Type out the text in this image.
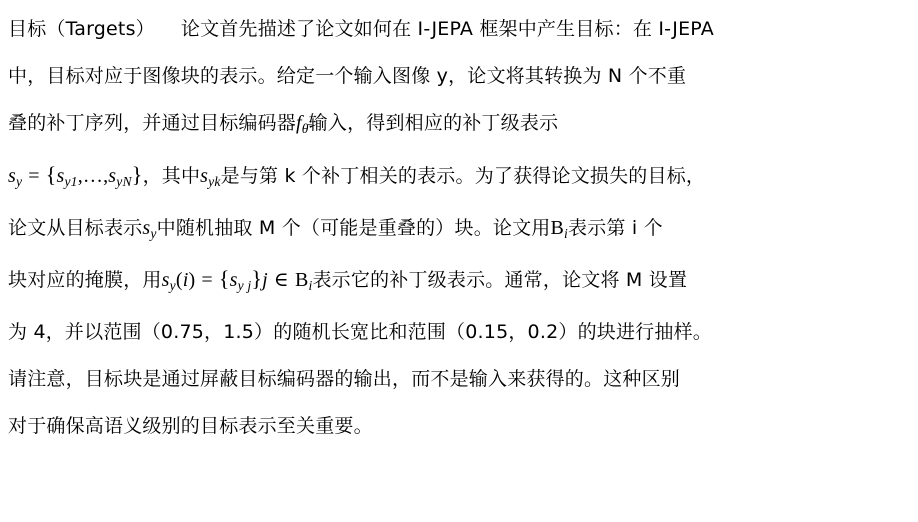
目标（Targets） 论文首先描述了论文如何在 I-JEPA 框架中产生目标：在 I-JEPA
中，目标对应于图像块的表示。给定一个输入图像 y，论文将其转换为 N 个不重
叠的补丁序列，并通过目标编码器$f_{\thetā}$输入，得到相应的补丁级表示
$s_y$ = $\{s_{y1},\dots,s_{yN}\}$，其中$s_{yk}$是与第 k 个补丁相关的表示。为了获得论文损失的目标，
论文从目标表示$s_y$中随机抽取 M 个（可能是重叠的）块。论文用$B_i$表示第 i 个
块对应的掩膜，用$s_y(i) = \{s_{y j}\}j$ ∈ $B_i$表示它的补丁级表示。通常，论文将 M 设置
为 4，并以范围（0.75，1.5）的随机长宽比和范围（0.15，0.2）的块进行抽样。
请注意，目标块是通过屏蔽目标编码器的输出，而不是输入来获得的。这种区别
对于确保高语义级别的目标表示至关重要。
